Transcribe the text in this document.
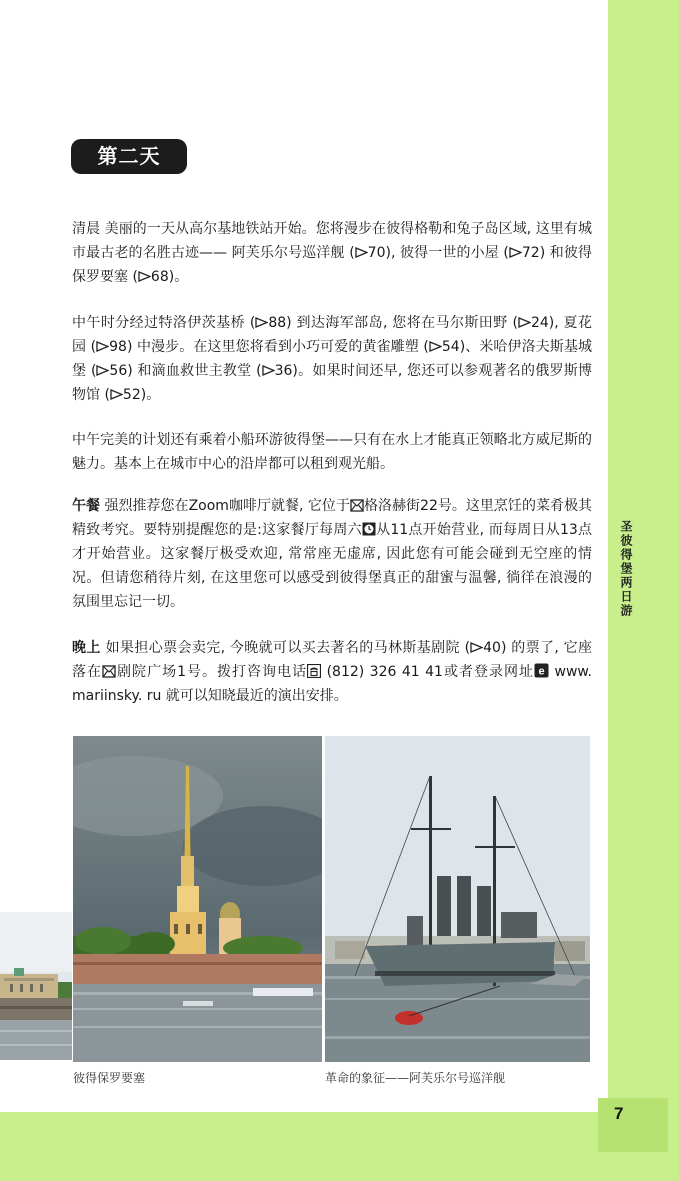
圣彼得堡两日游
7
第二天

清晨 美丽的一天从高尔基地铁站开始。您将漫步在彼得格勒和兔子岛区域, 这里有城市最古老的名胜古迹—— 阿芙乐尔号巡洋舰 ( 70), 彼得一世的小屋 ( 72) 和彼得保罗要塞 ( 68)。

中午时分经过特洛伊茨基桥 ( 88) 到达海军部岛, 您将在马尔斯田野 ( 24), 夏花园 ( 98) 中漫步。在这里您将看到小巧可爱的黄雀雕塑 ( 54)、米哈伊洛夫斯基城堡 ( 56) 和滴血救世主教堂 ( 36)。如果时间还早, 您还可以参观著名的俄罗斯博物馆 ( 52)。

中午完美的计划还有乘着小船环游彼得堡——只有在水上才能真正领略北方威尼斯的魅力。基本上在城市中心的沿岸都可以租到观光船。

午餐 强烈推荐您在Zoom咖啡厅就餐, 它位于 格洛赫街22号。这里烹饪的菜肴极其精致考究。要特别提醒您的是:这家餐厅每周六 从11点开始营业, 而每周日从13点才开始营业。这家餐厅极受欢迎, 常常座无虚席, 因此您有可能会碰到无空座的情况。但请您稍待片刻, 在这里您可以感受到彼得堡真正的甜蜜与温馨, 徜徉在浪漫的氛围里忘记一切。

晚上 如果担心票会卖完, 今晚就可以买去著名的马林斯基剧院 ( 40) 的票了, 它座落在 剧院广场1号。拨打咨询电话 (812) 326 41 41或者登录网址 e www. mariinsky. ru 就可以知晓最近的演出安排。

彼得保罗要塞	革命的象征——阿芙乐尔号巡洋舰
